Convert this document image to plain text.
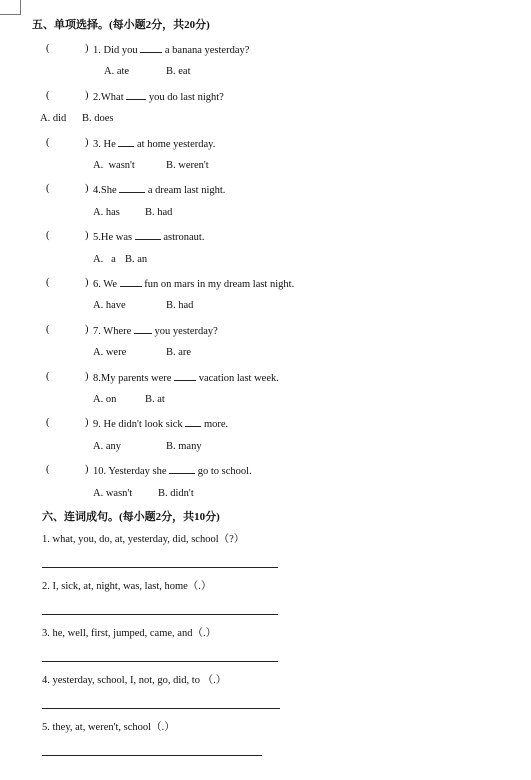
五、单项选择。(每小题2分，共20分)
(	) 1. Did you  a banana yesterday?
A. ate	B. eat
(	) 2.What  you do last night?
A. did B. does
(	) 3. He  at home yesterday.
A.  wasn't	B. weren't
(	) 4.She  a dream last night.
A. has B. had
(	) 5.He was  astronaut.
A.   a B. an
(	) 6. We  fun on mars in my dream last night.
A. have	B. had
(	) 7. Where  you yesterday?
A. were	B. are
(	) 8.My parents were  vacation last week.
A. on	B. at
(	) 9. He didn't look sick  more.
A. any	B. many
(	) 10. Yesterday she  go to school.
A. wasn't B. didn't
六、连词成句。(每小题2分，共10分)
1. what, you, do, at, yesterday, did, school（?）
2. I, sick, at, night, was, last, home（.）
3. he, well, first, jumped, came, and（.）
4. yesterday, school, I, not, go, did, to （.）
5. they, at, weren't, school（.）
